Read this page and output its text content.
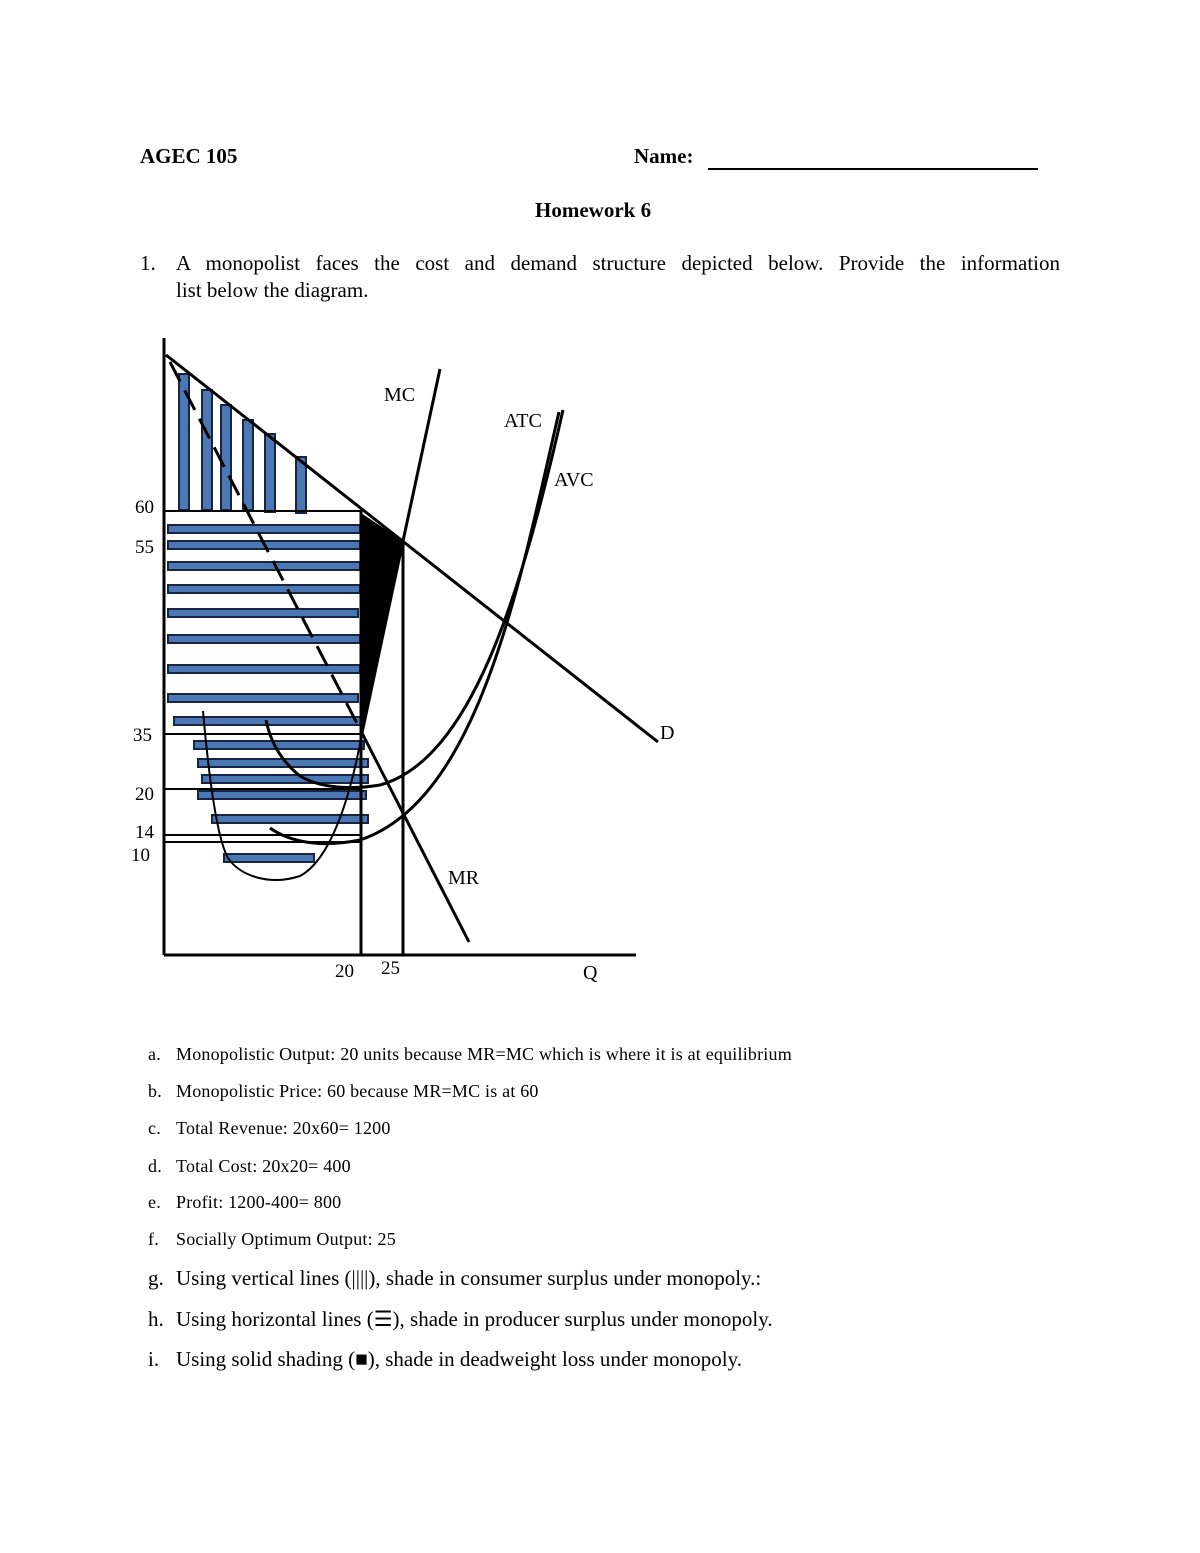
AGEC 105	Name:
Homework 6
1. A monopolist faces the cost and demand structure depicted below. Provide the information
list below the diagram.
60
55
35
20
14
10
20 25	Q
MC
ATC
AVC
D
MR
a. Monopolistic Output: 20 units because MR=MC which is where it is at equilibrium
b. Monopolistic Price: 60 because MR=MC is at 60
c. Total Revenue: 20x60= 1200
d. Total Cost: 20x20= 400
e. Profit: 1200-400= 800
f. Socially Optimum Output: 25
g. Using vertical lines (||||), shade in consumer surplus under monopoly.:
h. Using horizontal lines (☰), shade in producer surplus under monopoly.
i. Using solid shading (■), shade in deadweight loss under monopoly.
